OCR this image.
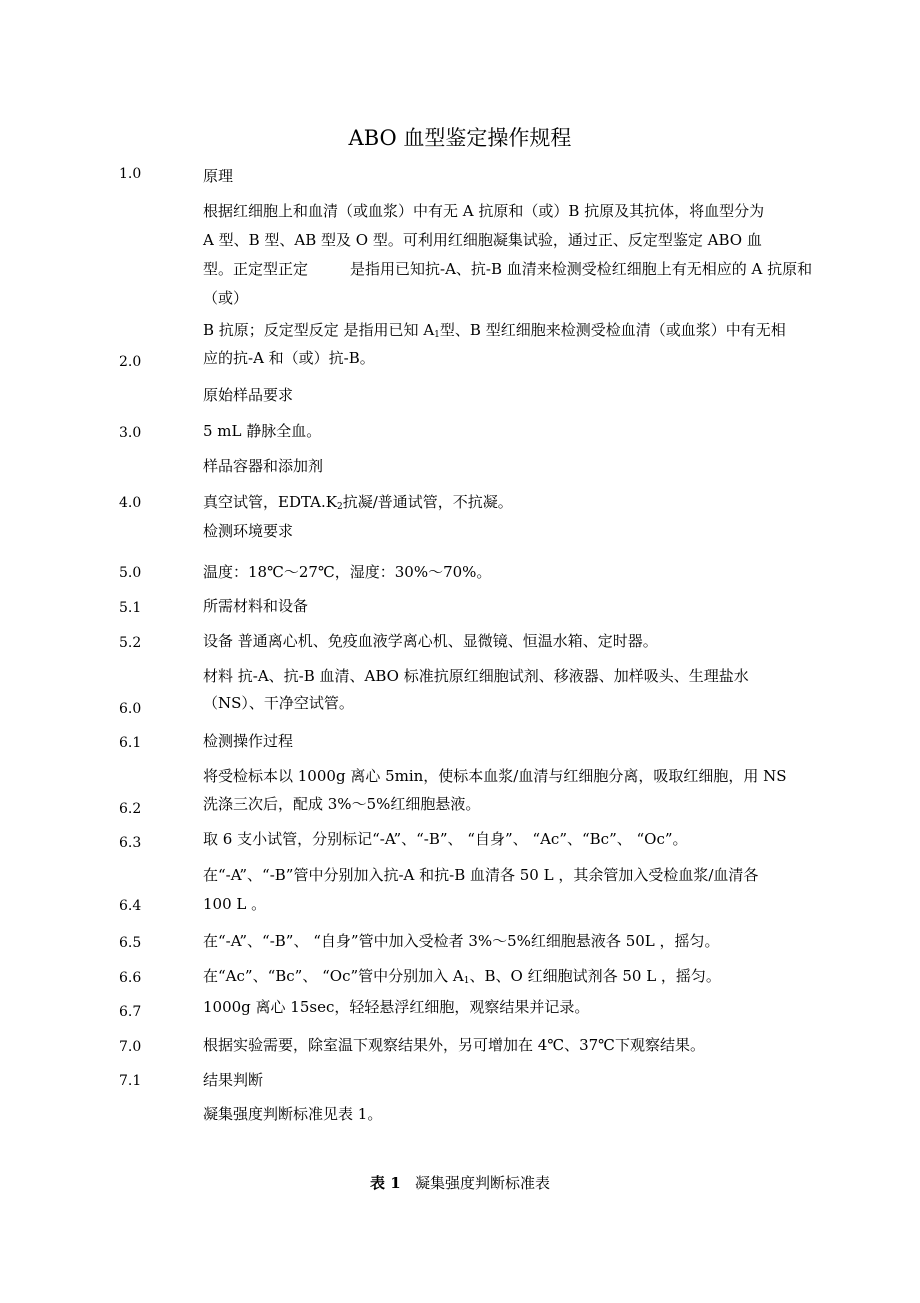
ABO 血型鉴定操作规程
1.0
2.0
3.0
4.0
5.0
5.1
5.2
6.0
6.1
6.2
6.3
6.4
6.5
6.6
6.7
7.0
7.1
原理
根据红细胞上和血清（或血浆）中有无 A 抗原和（或）B 抗原及其抗体，将血型分为
A 型、B 型、AB 型及 O 型。可利用红细胞凝集试验，通过正、反定型鉴定 ABO 血
型。正定型正定	是指用已知抗-A、抗-B 血清来检测受检红细胞上有无相应的 A 抗原和
（或）
B 抗原；反定型反定 是指用已知 $A_1$型、B 型红细胞来检测受检血清（或血浆）中有无相
应的抗-A 和（或）抗-B。
原始样品要求
5 mL 静脉全血。
样品容器和添加剂
真空试管，$EDTA.K_2$抗凝/普通试管，不抗凝。
检测环境要求
温度：18℃～27℃，湿度：30%～70%。
所需材料和设备
设备 普通离心机、免疫血液学离心机、显微镜、恒温水箱、定时器。
材料 抗-A、抗-B 血清、ABO 标准抗原红细胞试剂、移液器、加样吸头、生理盐水
（NS）、干净空试管。
检测操作过程
将受检标本以 1000g 离心 5min，使标本血浆/血清与红细胞分离，吸取红细胞，用 NS
洗涤三次后，配成 3%～5%红细胞悬液。
取 6 支小试管，分别标记“-A”、“-B”、 “自身”、 “Ac”、“Bc”、 “Oc”。
在“-A”、“-B”管中分别加入抗-A 和抗-B 血清各 50 L ，其余管加入受检血浆/血清各
100 L 。
在“-A”、“-B”、 “自身”管中加入受检者 3%～5%红细胞悬液各 50L ，摇匀。
在“Ac”、“Bc”、 “Oc”管中分别加入 $A_1$、B、O 红细胞试剂各 50 L ，摇匀。
1000g 离心 15sec，轻轻悬浮红细胞，观察结果并记录。
根据实验需要，除室温下观察结果外，另可增加在 4℃、37℃下观察结果。
结果判断
凝集强度判断标准见表 1。
表 1 凝集强度判断标准表
